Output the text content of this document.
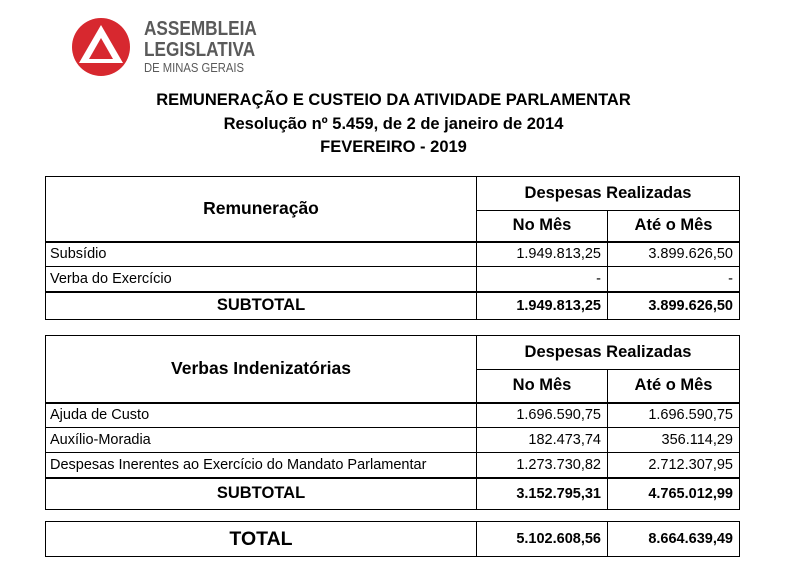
ASSEMBLEIA
LEGISLATIVA
DE MINAS GERAIS
REMUNERAÇÃO E CUSTEIO DA ATIVIDADE PARLAMENTAR
Resolução nº 5.459, de 2 de janeiro de 2014
FEVEREIRO - 2019
Remuneração	Despesas Realizadas	
	No Mês	Até o Mês
Subsídio	1.949.813,25	3.899.626,50
Verba do Exercício	-	-
SUBTOTAL	1.949.813,25	3.899.626,50
Verbas Indenizatórias	Despesas Realizadas	
	No Mês	Até o Mês
Ajuda de Custo	1.696.590,75	1.696.590,75
Auxílio-Moradia	182.473,74	356.114,29
Despesas Inerentes ao Exercício do Mandato Parlamentar	1.273.730,82	2.712.307,95
SUBTOTAL	3.152.795,31	4.765.012,99
TOTAL	5.102.608,56	8.664.639,49
